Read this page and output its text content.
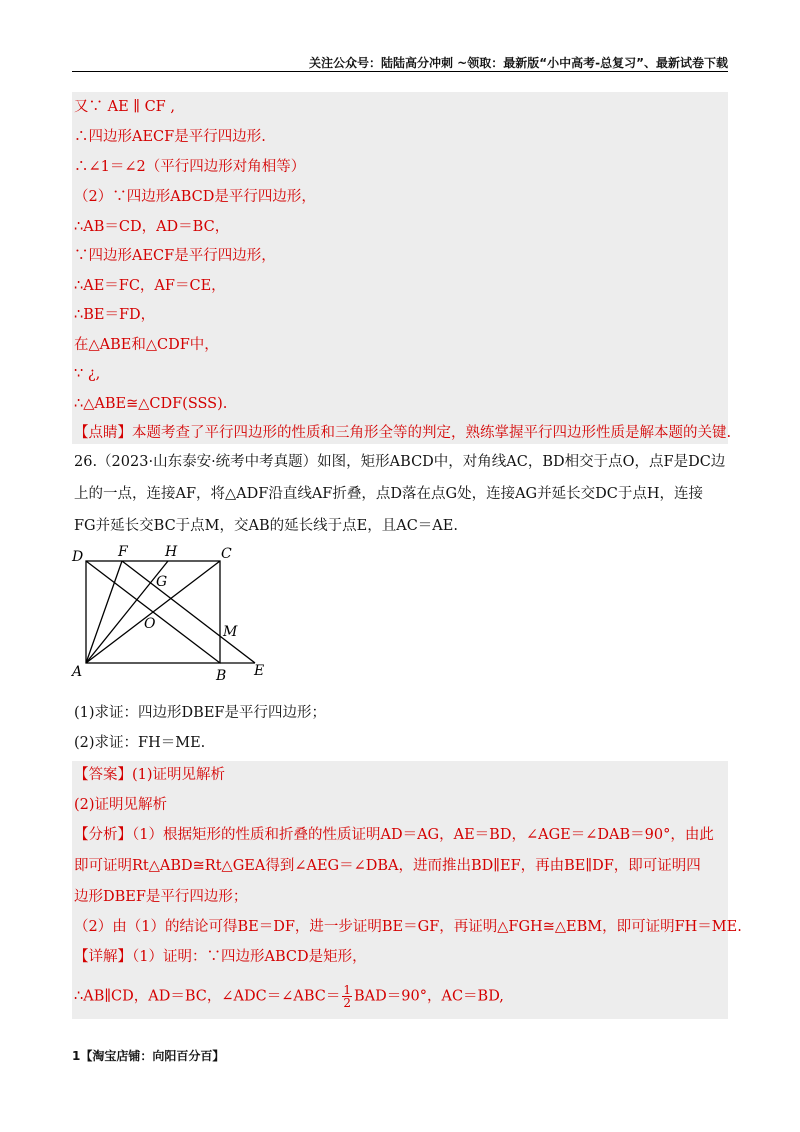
关注公众号：陆陆高分冲刺 ~领取：最新版“小中高考-总复习”、最新试卷下载
又∵ AE ∥ CF ,
∴四边形AECF是平行四边形.
∴∠1＝∠2（平行四边形对角相等）
（2）∵四边形ABCD是平行四边形，
∴AB＝CD，AD＝BC，
∵四边形AECF是平行四边形，
∴AE＝FC，AF＝CE，
∴BE＝FD，
在△ABE和△CDF中，
∵ ¿,
∴△ABE≅△CDF(SSS).
【点睛】本题考查了平行四边形的性质和三角形全等的判定，熟练掌握平行四边形性质是解本题的关键.
26.（2023·山东泰安·统考中考真题）如图，矩形ABCD中，对角线AC，BD相交于点O，点F是DC边
上的一点，连接AF，将△ADF沿直线AF折叠，点D落在点G处，连接AG并延长交DC于点H，连接
FG并延长交BC于点M，交AB的延长线于点E，且AC＝AE.
D F	H	C
G
O	M
A	B E
(1)求证：四边形DBEF是平行四边形；
(2)求证：FH＝ME.
【答案】(1)证明见解析
(2)证明见解析
【分析】（1）根据矩形的性质和折叠的性质证明AD＝AG，AE＝BD，∠AGE＝∠DAB＝90°，由此
即可证明Rt△ABD≅Rt△GEA得到∠AEG＝∠DBA，进而推出BD∥EF，再由BE∥DF，即可证明四
边形DBEF是平行四边形；
（2）由（1）的结论可得BE＝DF，进一步证明BE＝GF，再证明△FGH≅△EBM，即可证明FH＝ME.
【详解】（1）证明：∵四边形ABCD是矩形，
∴AB∥CD，AD＝BC，∠ADC＝∠ABC＝ $\frac{1}{2} BAD=90^\circ$，AC＝BD,
1【淘宝店铺：向阳百分百】
